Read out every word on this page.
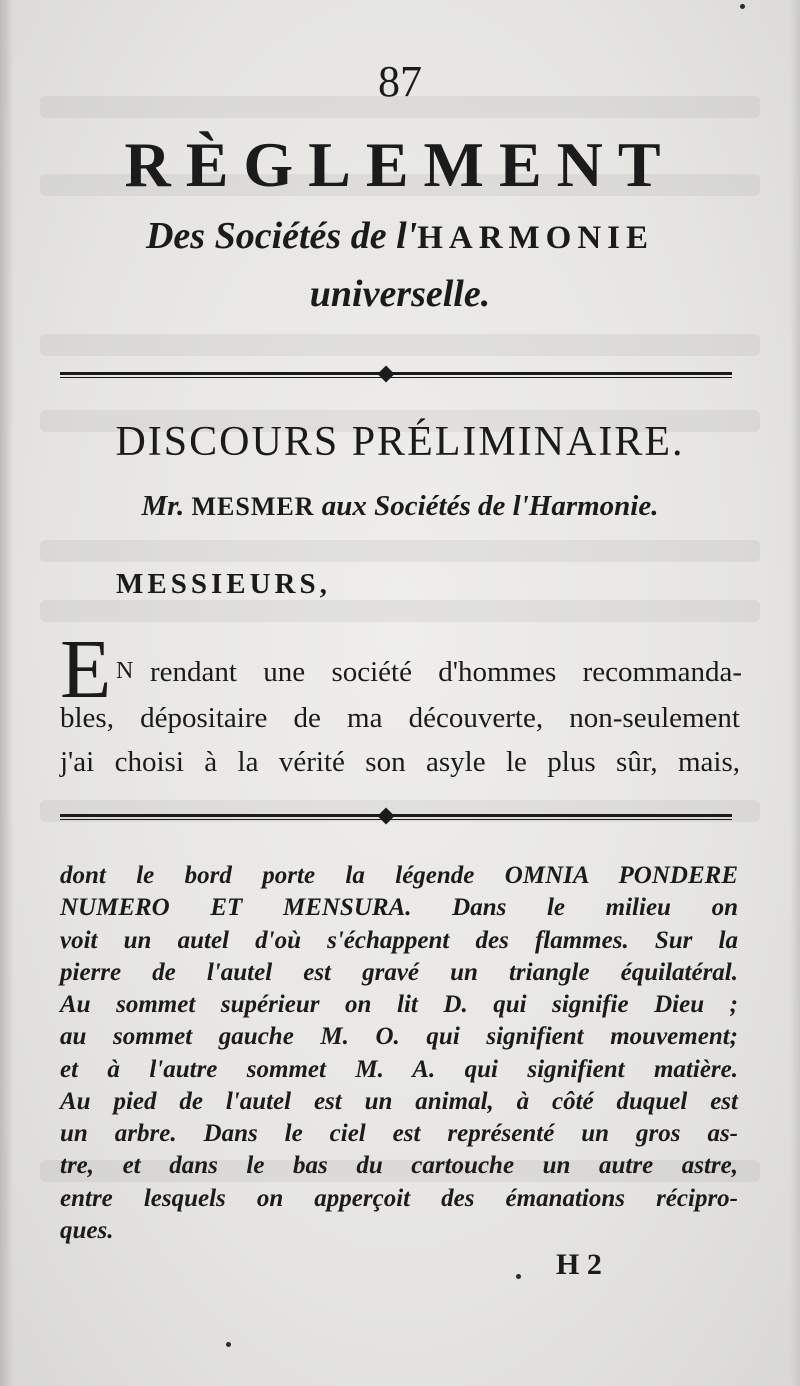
87
RÈGLEMENT
Des Sociétés de l'HARMONIE
universelle.
DISCOURS PRÉLIMINAIRE.
Mr. MESMER aux Sociétés de l'Harmonie.
MESSIEURS,
E N rendant une société d'hommes recommanda-
bles, dépositaire de ma découverte, non-seulement
j'ai choisi à la vérité son asyle le plus sûr, mais,
dont le bord porte la légende OMNIA PONDERE
NUMERO ET MENSURA. Dans le milieu on
voit un autel d'où s'échappent des flammes. Sur la
pierre de l'autel est gravé un triangle équilatéral.
Au sommet supérieur on lit D. qui signifie Dieu ;
au sommet gauche M. O. qui signifient mouvement;
et à l'autre sommet M. A. qui signifient matière.
Au pied de l'autel est un animal, à côté duquel est
un arbre. Dans le ciel est représenté un gros as-
tre, et dans le bas du cartouche un autre astre,
entre lesquels on apperçoit des émanations récipro-
ques.
H 2
